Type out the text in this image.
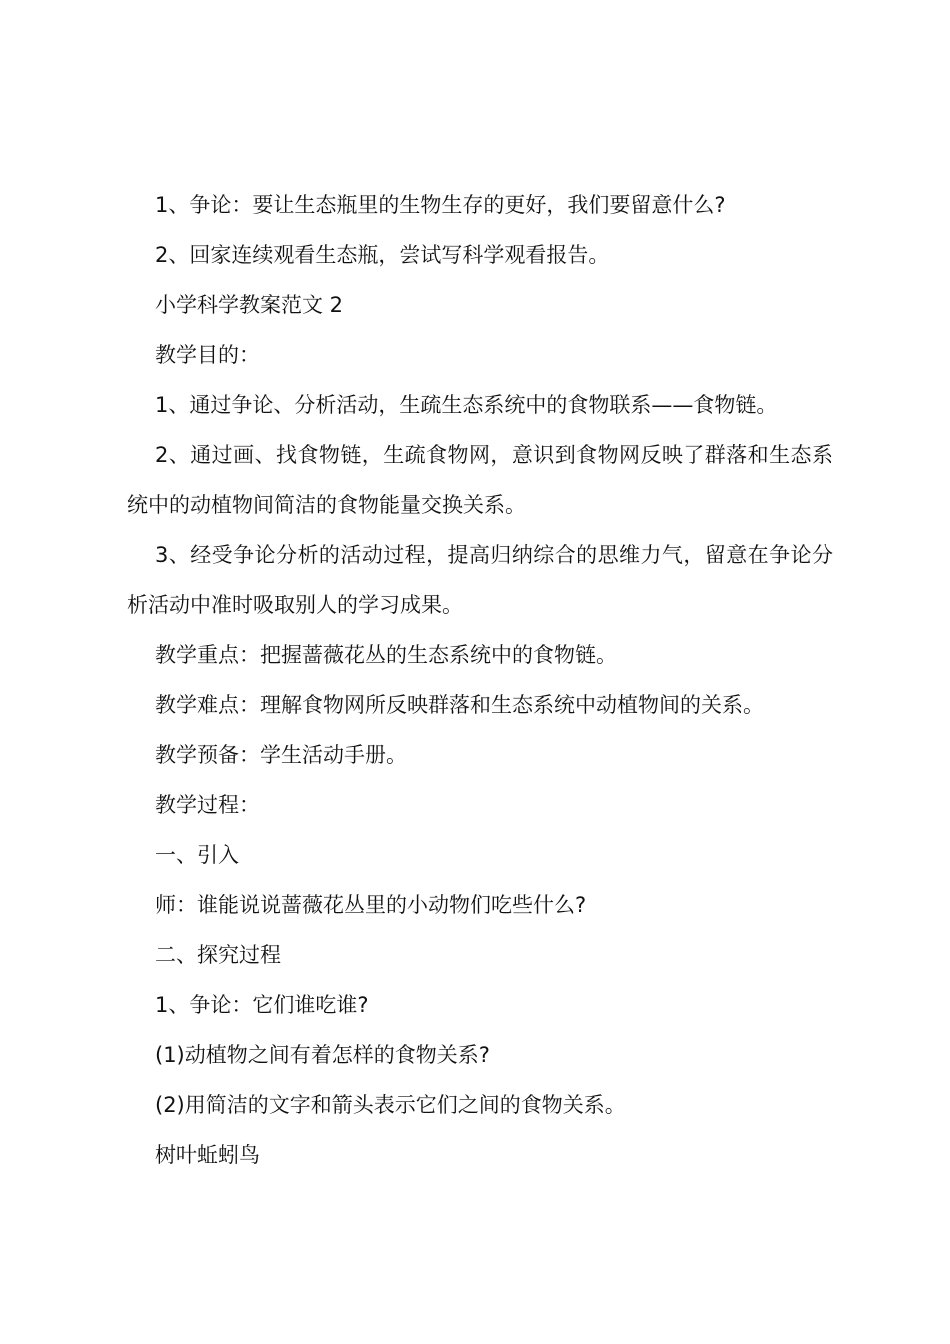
1、争论：要让生态瓶里的生物生存的更好，我们要留意什么?

2、回家连续观看生态瓶，尝试写科学观看报告。

小学科学教案范文 2

教学目的：

1、通过争论、分析活动，生疏生态系统中的食物联系——食物链。

2、通过画、找食物链，生疏食物网，意识到食物网反映了群落和生态系统中的动植物间简洁的食物能量交换关系。

3、经受争论分析的活动过程，提高归纳综合的思维力气，留意在争论分析活动中准时吸取别人的学习成果。

教学重点：把握蔷薇花丛的生态系统中的食物链。

教学难点：理解食物网所反映群落和生态系统中动植物间的关系。

教学预备：学生活动手册。

教学过程：

一、引入

师：谁能说说蔷薇花丛里的小动物们吃些什么?

二、探究过程

1、争论：它们谁吃谁?

(1)动植物之间有着怎样的食物关系?

(2)用简洁的文字和箭头表示它们之间的食物关系。

树叶蚯蚓鸟
